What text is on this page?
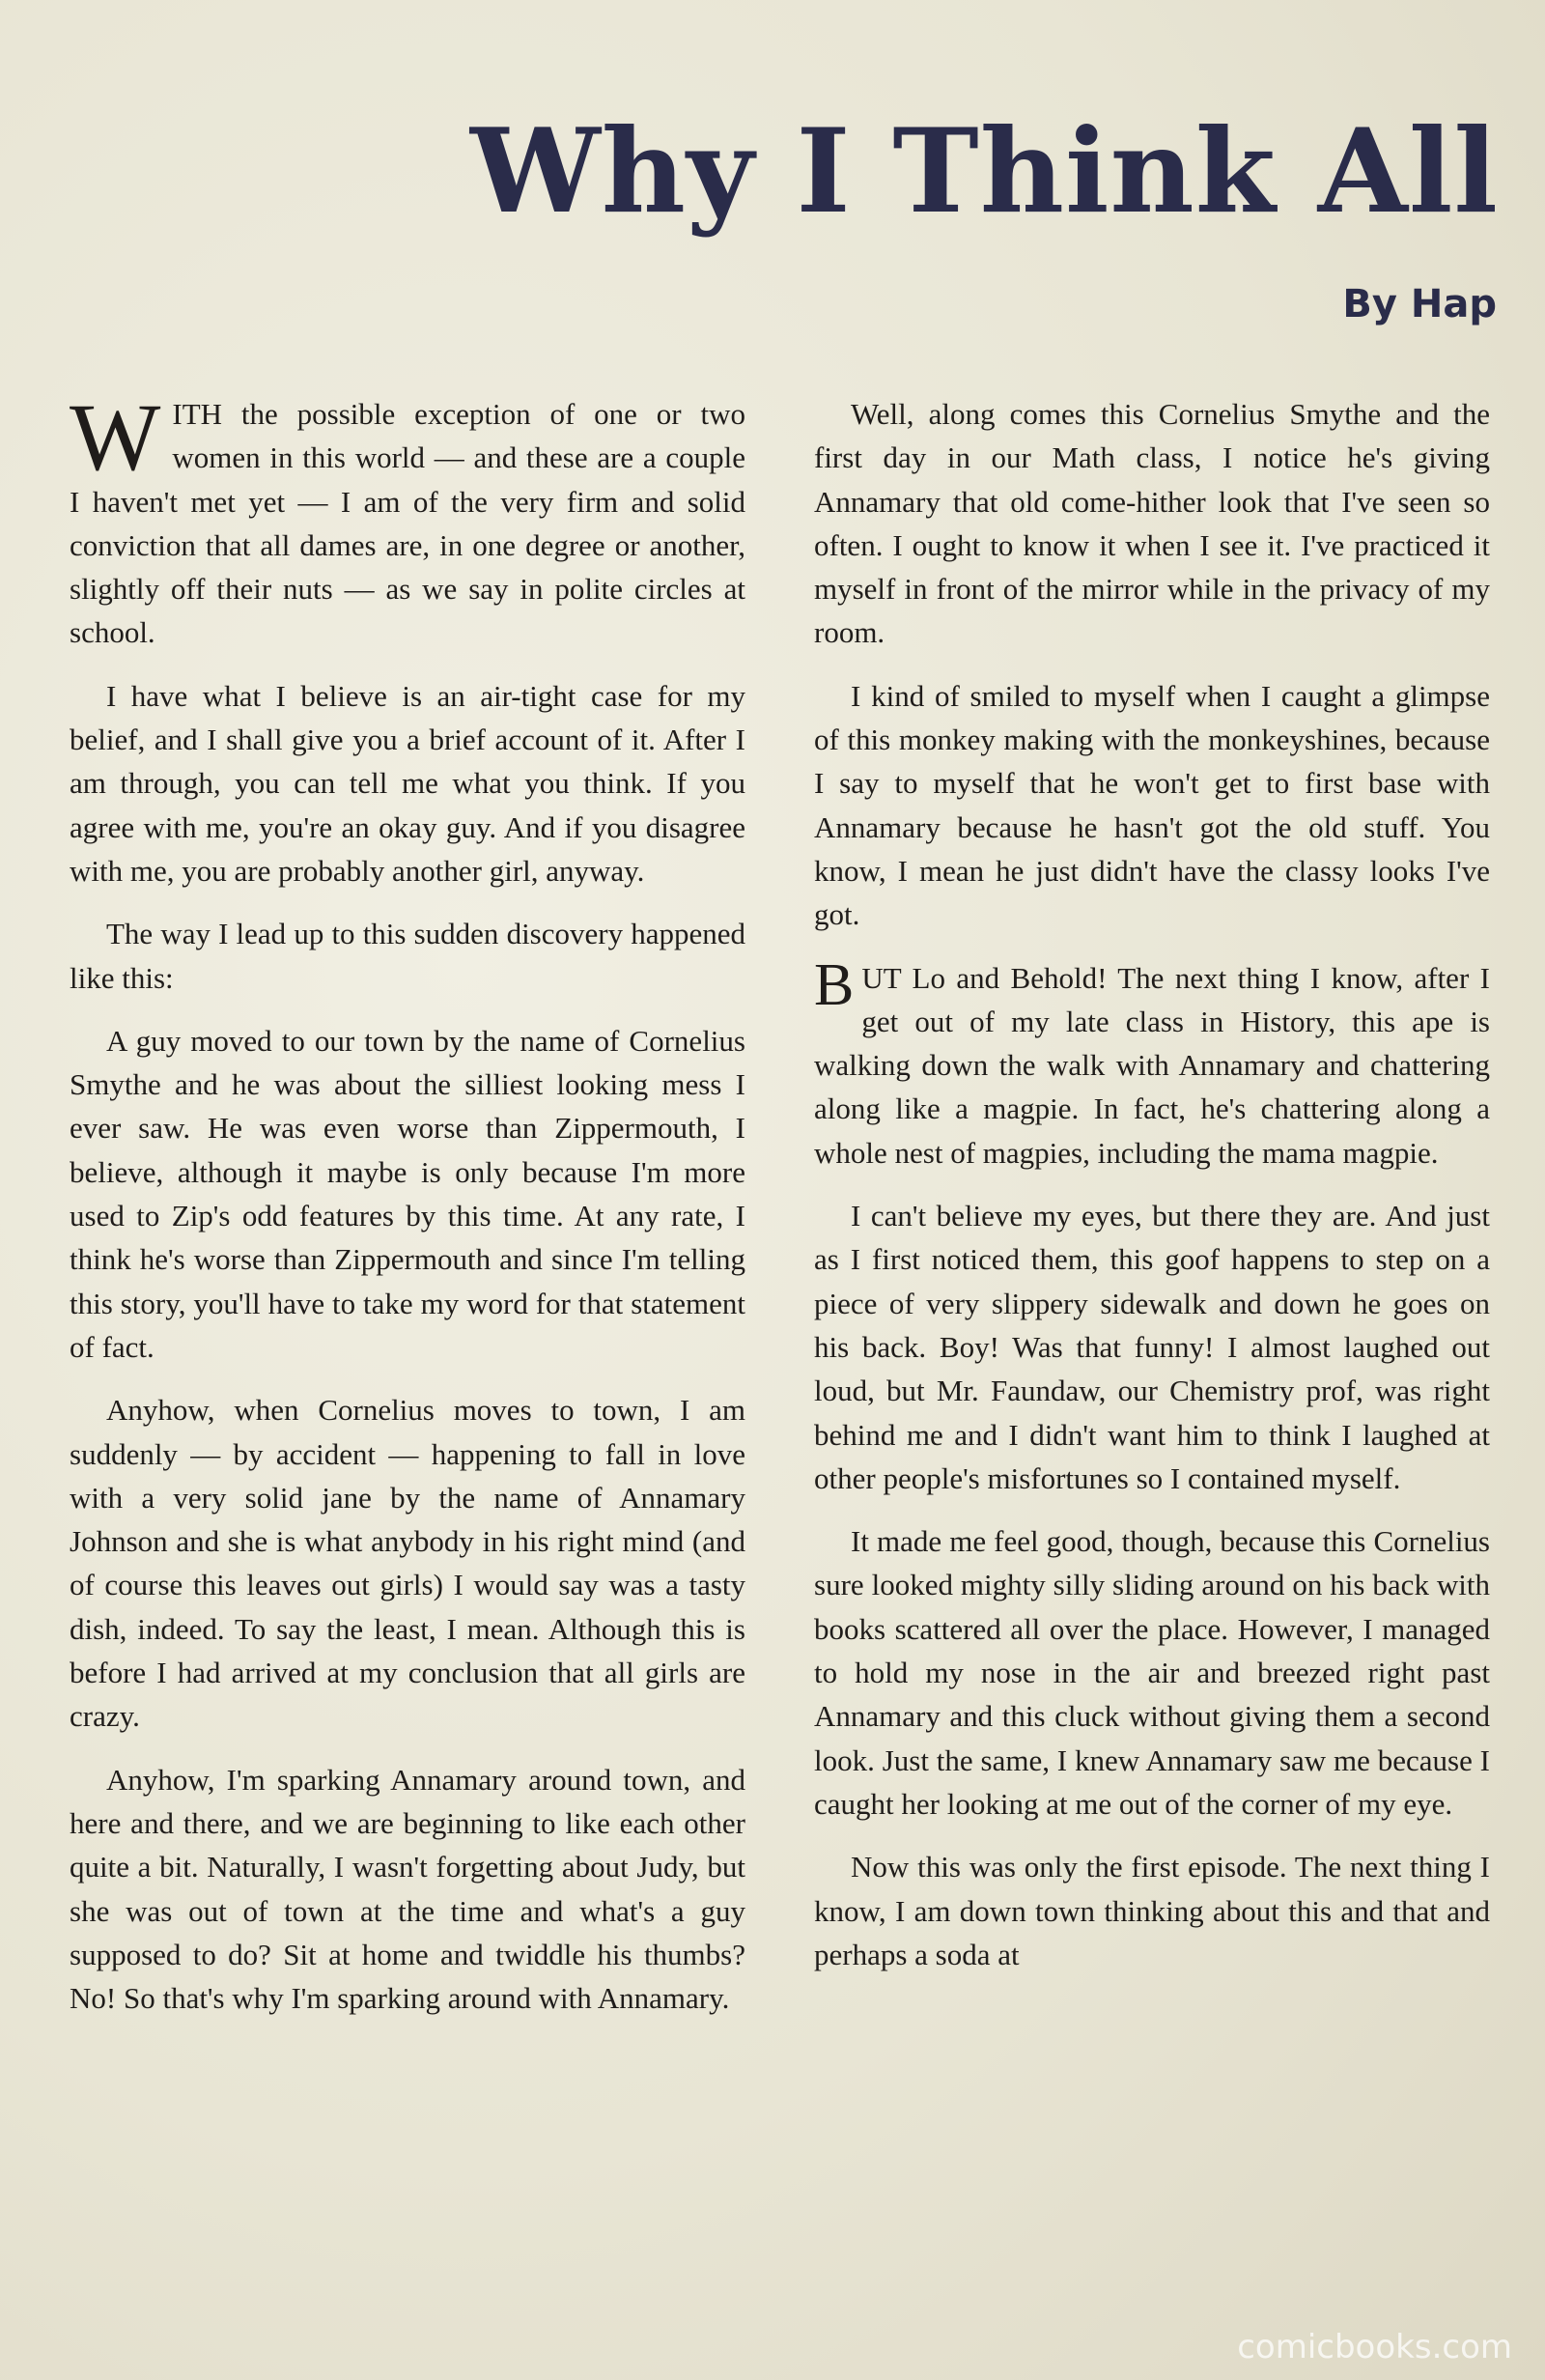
Why I Think All
By Hap

WITH the possible exception of one or two women in this world — and these are a couple I haven't met yet — I am of the very firm and solid conviction that all dames are, in one degree or another, slightly off their nuts — as we say in polite circles at school.

I have what I believe is an air-tight case for my belief, and I shall give you a brief account of it. After I am through, you can tell me what you think. If you agree with me, you're an okay guy. And if you disagree with me, you are probably another girl, anyway.

The way I lead up to this sudden discovery happened like this:

A guy moved to our town by the name of Cornelius Smythe and he was about the silliest looking mess I ever saw. He was even worse than Zippermouth, I believe, although it maybe is only because I'm more used to Zip's odd features by this time. At any rate, I think he's worse than Zippermouth and since I'm telling this story, you'll have to take my word for that statement of fact.

Anyhow, when Cornelius moves to town, I am suddenly — by accident — happening to fall in love with a very solid jane by the name of Annamary Johnson and she is what anybody in his right mind (and of course this leaves out girls) I would say was a tasty dish, indeed. To say the least, I mean. Although this is before I had arrived at my conclusion that all girls are crazy.

Anyhow, I'm sparking Annamary around town, and here and there, and we are beginning to like each other quite a bit. Naturally, I wasn't forgetting about Judy, but she was out of town at the time and what's a guy supposed to do? Sit at home and twiddle his thumbs? No! So that's why I'm sparking around with Annamary.

Well, along comes this Cornelius Smythe and the first day in our Math class, I notice he's giving Annamary that old come-hither look that I've seen so often. I ought to know it when I see it. I've practiced it myself in front of the mirror while in the privacy of my room.

I kind of smiled to myself when I caught a glimpse of this monkey making with the monkeyshines, because I say to myself that he won't get to first base with Annamary because he hasn't got the old stuff. You know, I mean he just didn't have the classy looks I've got.

BUT Lo and Behold! The next thing I know, after I get out of my late class in History, this ape is walking down the walk with Annamary and chattering along like a magpie. In fact, he's chattering along a whole nest of magpies, including the mama magpie.

I can't believe my eyes, but there they are. And just as I first noticed them, this goof happens to step on a piece of very slippery sidewalk and down he goes on his back. Boy! Was that funny! I almost laughed out loud, but Mr. Faundaw, our Chemistry prof, was right behind me and I didn't want him to think I laughed at other people's misfortunes so I contained myself.

It made me feel good, though, because this Cornelius sure looked mighty silly sliding around on his back with books scattered all over the place. However, I managed to hold my nose in the air and breezed right past Annamary and this cluck without giving them a second look. Just the same, I knew Annamary saw me because I caught her looking at me out of the corner of my eye.

Now this was only the first episode. The next thing I know, I am down town thinking about this and that and perhaps a soda at

comicbooks.com
